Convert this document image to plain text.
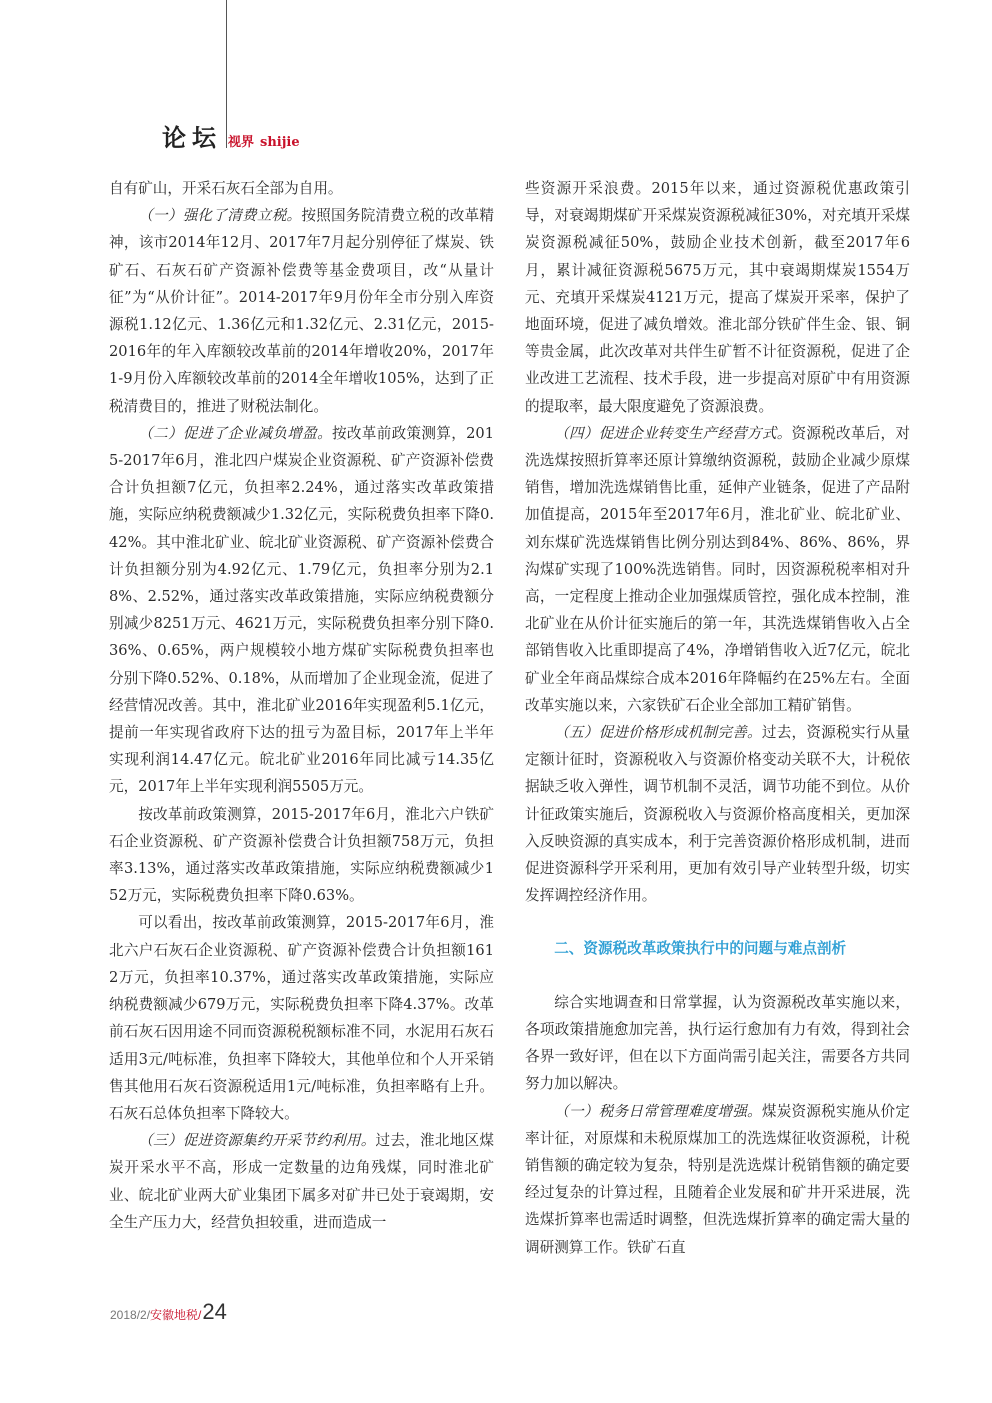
论坛 视界 shijie

自有矿山，开采石灰石全部为自用。

（一）强化了清费立税。按照国务院清费立税的改革精神，该市2014年12月、2017年7月起分别停征了煤炭、铁矿石、石灰石矿产资源补偿费等基金费项目，改“从量计征”为“从价计征”。2014-2017年9月份年全市分别入库资源税1.12亿元、1.36亿元和1.32亿元、2.31亿元，2015-2016年的年入库额较改革前的2014年增收20%，2017年1-9月份入库额较改革前的2014全年增收105%，达到了正税清费目的，推进了财税法制化。

（二）促进了企业减负增盈。按改革前政策测算，2015-2017年6月，淮北四户煤炭企业资源税、矿产资源补偿费合计负担额7亿元，负担率2.24%，通过落实改革政策措施，实际应纳税费额减少1.32亿元，实际税费负担率下降0.42%。其中淮北矿业、皖北矿业资源税、矿产资源补偿费合计负担额分别为4.92亿元、1.79亿元，负担率分别为2.18%、2.52%，通过落实改革政策措施，实际应纳税费额分别减少8251万元、4621万元，实际税费负担率分别下降0.36%、0.65%，两户规模较小地方煤矿实际税费负担率也分别下降0.52%、0.18%，从而增加了企业现金流，促进了经营情况改善。其中，淮北矿业2016年实现盈利5.1亿元，提前一年实现省政府下达的扭亏为盈目标，2017年上半年实现利润14.47亿元。皖北矿业2016年同比减亏14.35亿元，2017年上半年实现利润5505万元。

按改革前政策测算，2015-2017年6月，淮北六户铁矿石企业资源税、矿产资源补偿费合计负担额758万元，负担率3.13%，通过落实改革政策措施，实际应纳税费额减少152万元，实际税费负担率下降0.63%。

可以看出，按改革前政策测算，2015-2017年6月，淮北六户石灰石企业资源税、矿产资源补偿费合计负担额1612万元，负担率10.37%，通过落实改革政策措施，实际应纳税费额减少679万元，实际税费负担率下降4.37%。改革前石灰石因用途不同而资源税税额标准不同，水泥用石灰石适用3元/吨标准，负担率下降较大，其他单位和个人开采销售其他用石灰石资源税适用1元/吨标准，负担率略有上升。石灰石总体负担率下降较大。

（三）促进资源集约开采节约利用。过去，淮北地区煤炭开采水平不高，形成一定数量的边角残煤，同时淮北矿业、皖北矿业两大矿业集团下属多对矿井已处于衰竭期，安全生产压力大，经营负担较重，进而造成一

些资源开采浪费。2015年以来，通过资源税优惠政策引导，对衰竭期煤矿开采煤炭资源税减征30%，对充填开采煤炭资源税减征50%，鼓励企业技术创新，截至2017年6月，累计减征资源税5675万元，其中衰竭期煤炭1554万元、充填开采煤炭4121万元，提高了煤炭开采率，保护了地面环境，促进了减负增效。淮北部分铁矿伴生金、银、铜等贵金属，此次改革对共伴生矿暂不计征资源税，促进了企业改进工艺流程、技术手段，进一步提高对原矿中有用资源的提取率，最大限度避免了资源浪费。

（四）促进企业转变生产经营方式。资源税改革后，对洗选煤按照折算率还原计算缴纳资源税，鼓励企业减少原煤销售，增加洗选煤销售比重，延伸产业链条，促进了产品附加值提高，2015年至2017年6月，淮北矿业、皖北矿业、刘东煤矿洗选煤销售比例分别达到84%、86%、86%，界沟煤矿实现了100%洗选销售。同时，因资源税税率相对升高，一定程度上推动企业加强煤质管控，强化成本控制，淮北矿业在从价计征实施后的第一年，其洗选煤销售收入占全部销售收入比重即提高了4%，净增销售收入近7亿元，皖北矿业全年商品煤综合成本2016年降幅约在25%左右。全面改革实施以来，六家铁矿石企业全部加工精矿销售。

（五）促进价格形成机制完善。过去，资源税实行从量定额计征时，资源税收入与资源价格变动关联不大，计税依据缺乏收入弹性，调节机制不灵活，调节功能不到位。从价计征政策实施后，资源税收入与资源价格高度相关，更加深入反映资源的真实成本，利于完善资源价格形成机制，进而促进资源科学开采利用，更加有效引导产业转型升级，切实发挥调控经济作用。

二、资源税改革政策执行中的问题与难点剖析

综合实地调查和日常掌握，认为资源税改革实施以来，各项政策措施愈加完善，执行运行愈加有力有效，得到社会各界一致好评，但在以下方面尚需引起关注，需要各方共同努力加以解决。

（一）税务日常管理难度增强。煤炭资源税实施从价定率计征，对原煤和未税原煤加工的洗选煤征收资源税，计税销售额的确定较为复杂，特别是洗选煤计税销售额的确定要经过复杂的计算过程，且随着企业发展和矿井开采进展，洗选煤折算率也需适时调整，但洗选煤折算率的确定需大量的调研测算工作。铁矿石直

2018/2/ 安徽地税/ 24
